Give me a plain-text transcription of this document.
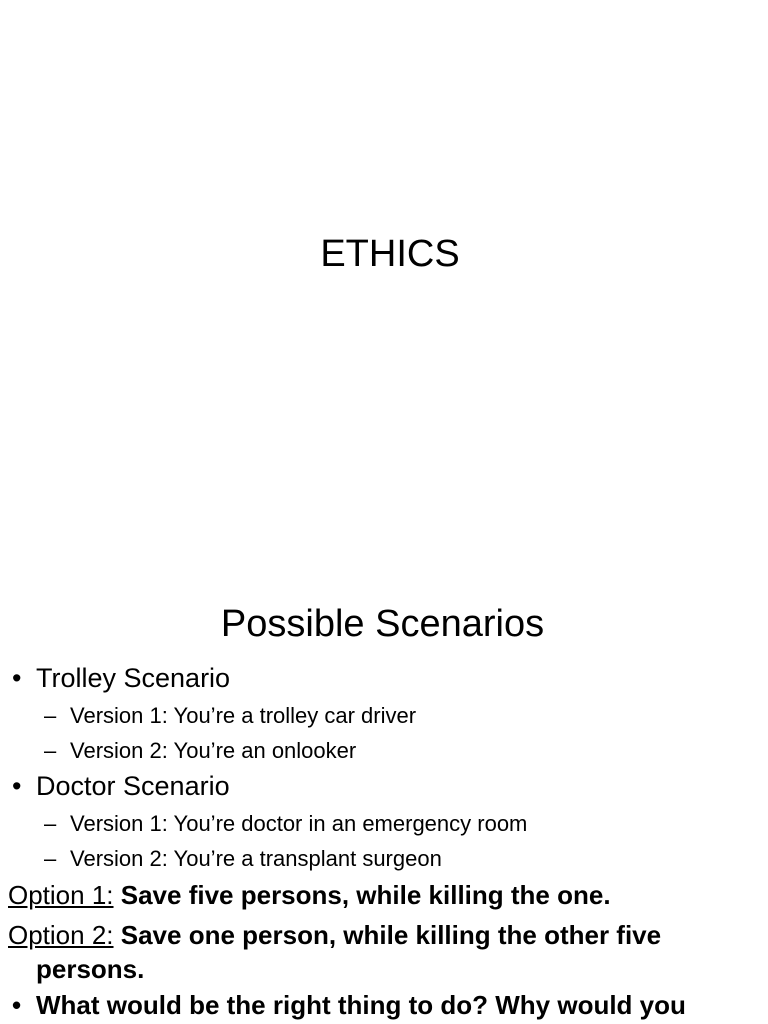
ETHICS
Possible Scenarios
• Trolley Scenario
– Version 1: You’re a trolley car driver
– Version 2: You’re an onlooker
• Doctor Scenario
– Version 1: You’re doctor in an emergency room
– Version 2: You’re a transplant surgeon
Option 1: Save five persons, while killing the one.
Option 2: Save one person, while killing the other five persons.
• What would be the right thing to do? Why would you
